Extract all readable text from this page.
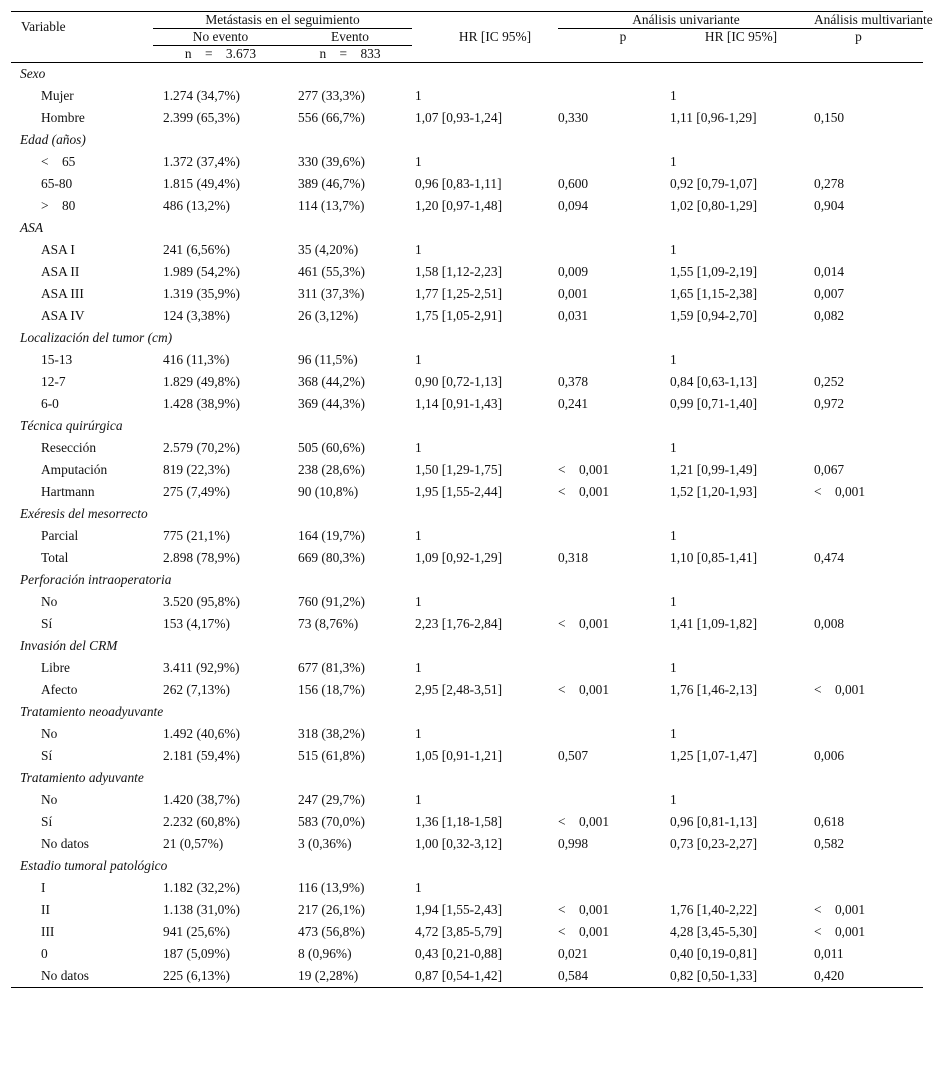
Variable	Metástasis en el seguimiento			Análisis univariante		Análisis multivariante
	No evento	Evento	HR [IC 95%]	p	HR [IC 95%]	p
	n = 3.673	n = 833				
Sexo						
Mujer	1.274 (34,7%)	277 (33,3%)	1		1	
Hombre	2.399 (65,3%)	556 (66,7%)	1,07 [0,93-1,24]	0,330	1,11 [0,96-1,29]	0,150
Edad (años)						
< 65	1.372 (37,4%)	330 (39,6%)	1		1	
65-80	1.815 (49,4%)	389 (46,7%)	0,96 [0,83-1,11]	0,600	0,92 [0,79-1,07]	0,278
> 80	486 (13,2%)	114 (13,7%)	1,20 [0,97-1,48]	0,094	1,02 [0,80-1,29]	0,904
ASA						
ASA I	241 (6,56%)	35 (4,20%)	1		1	
ASA II	1.989 (54,2%)	461 (55,3%)	1,58 [1,12-2,23]	0,009	1,55 [1,09-2,19]	0,014
ASA III	1.319 (35,9%)	311 (37,3%)	1,77 [1,25-2,51]	0,001	1,65 [1,15-2,38]	0,007
ASA IV	124 (3,38%)	26 (3,12%)	1,75 [1,05-2,91]	0,031	1,59 [0,94-2,70]	0,082
Localización del tumor (cm)						
15-13	416 (11,3%)	96 (11,5%)	1		1	
12-7	1.829 (49,8%)	368 (44,2%)	0,90 [0,72-1,13]	0,378	0,84 [0,63-1,13]	0,252
6-0	1.428 (38,9%)	369 (44,3%)	1,14 [0,91-1,43]	0,241	0,99 [0,71-1,40]	0,972
Técnica quirúrgica						
Resección	2.579 (70,2%)	505 (60,6%)	1		1	
Amputación	819 (22,3%)	238 (28,6%)	1,50 [1,29-1,75]	< 0,001	1,21 [0,99-1,49]	0,067
Hartmann	275 (7,49%)	90 (10,8%)	1,95 [1,55-2,44]	< 0,001	1,52 [1,20-1,93]	< 0,001
Exéresis del mesorrecto						
Parcial	775 (21,1%)	164 (19,7%)	1		1	
Total	2.898 (78,9%)	669 (80,3%)	1,09 [0,92-1,29]	0,318	1,10 [0,85-1,41]	0,474
Perforación intraoperatoria						
No	3.520 (95,8%)	760 (91,2%)	1		1	
Sí	153 (4,17%)	73 (8,76%)	2,23 [1,76-2,84]	< 0,001	1,41 [1,09-1,82]	0,008
Invasión del CRM						
Libre	3.411 (92,9%)	677 (81,3%)	1		1	
Afecto	262 (7,13%)	156 (18,7%)	2,95 [2,48-3,51]	< 0,001	1,76 [1,46-2,13]	< 0,001
Tratamiento neoadyuvante						
No	1.492 (40,6%)	318 (38,2%)	1		1	
Sí	2.181 (59,4%)	515 (61,8%)	1,05 [0,91-1,21]	0,507	1,25 [1,07-1,47]	0,006
Tratamiento adyuvante						
No	1.420 (38,7%)	247 (29,7%)	1		1	
Sí	2.232 (60,8%)	583 (70,0%)	1,36 [1,18-1,58]	< 0,001	0,96 [0,81-1,13]	0,618
No datos	21 (0,57%)	3 (0,36%)	1,00 [0,32-3,12]	0,998	0,73 [0,23-2,27]	0,582
Estadio tumoral patológico						
I	1.182 (32,2%)	116 (13,9%)	1			
II	1.138 (31,0%)	217 (26,1%)	1,94 [1,55-2,43]	< 0,001	1,76 [1,40-2,22]	< 0,001
III	941 (25,6%)	473 (56,8%)	4,72 [3,85-5,79]	< 0,001	4,28 [3,45-5,30]	< 0,001
0	187 (5,09%)	8 (0,96%)	0,43 [0,21-0,88]	0,021	0,40 [0,19-0,81]	0,011
No datos	225 (6,13%)	19 (2,28%)	0,87 [0,54-1,42]	0,584	0,82 [0,50-1,33]	0,420
